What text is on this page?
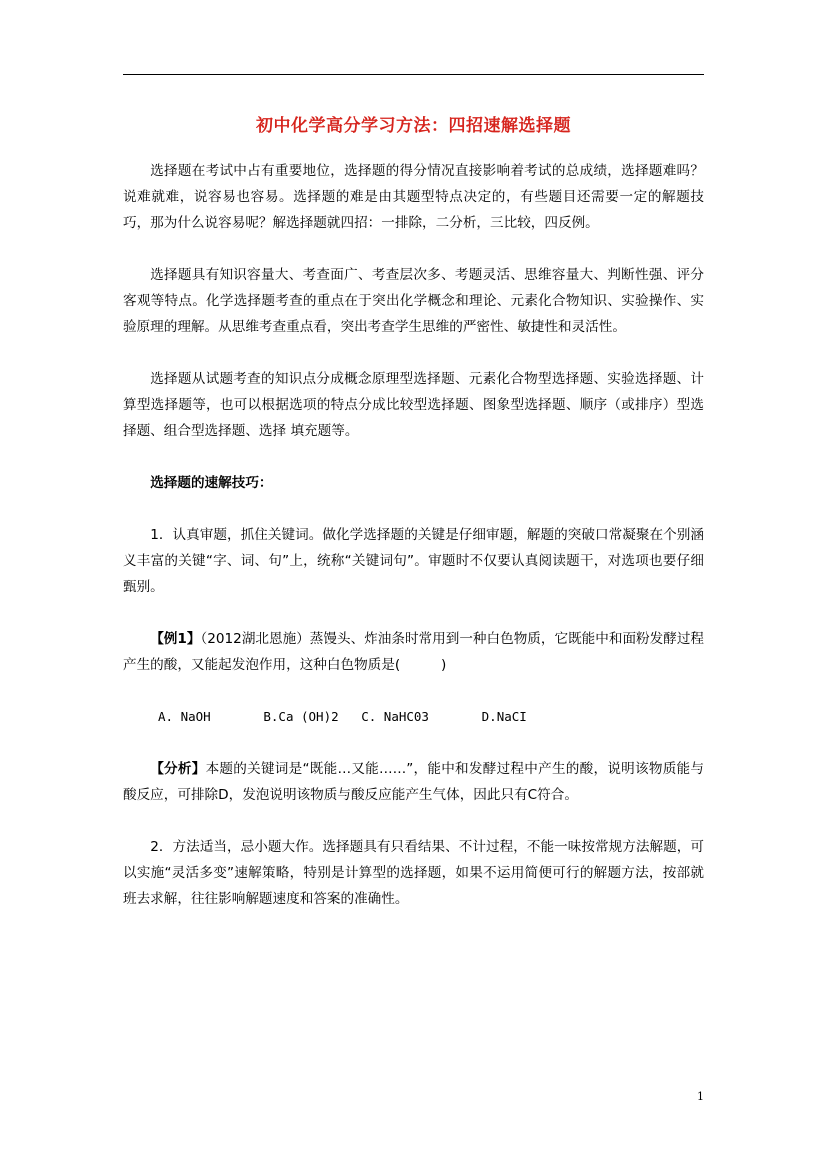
初中化学高分学习方法：四招速解选择题

选择题在考试中占有重要地位，选择题的得分情况直接影响着考试的总成绩，选择题难吗？说难就难，说容易也容易。选择题的难是由其题型特点决定的，有些题目还需要一定的解题技巧，那为什么说容易呢？解选择题就四招：一排除，二分析，三比较，四反例。

选择题具有知识容量大、考查面广、考查层次多、考题灵活、思维容量大、判断性强、评分客观等特点。化学选择题考查的重点在于突出化学概念和理论、元素化合物知识、实验操作、实验原理的理解。从思维考查重点看，突出考查学生思维的严密性、敏捷性和灵活性。

选择题从试题考查的知识点分成概念原理型选择题、元素化合物型选择题、实验选择题、计算型选择题等，也可以根据选项的特点分成比较型选择题、图象型选择题、顺序（或排序）型选择题、组合型选择题、选择 填充题等。

选择题的速解技巧：

1．认真审题，抓住关键词。做化学选择题的关键是仔细审题，解题的突破口常凝聚在个别涵义丰富的关键“字、词、句”上，统称“关键词句”。审题时不仅要认真阅读题干，对选项也要仔细甄别。

【例1】（2012湖北恩施）蒸馒头、炸油条时常用到一种白色物质，它既能中和面粉发酵过程产生的酸，又能起发泡作用，这种白色物质是(　　　)

A. NaOH	B.Ca (OH)2 C. NaHC03	D.NaCI

【分析】本题的关键词是“既能…又能……”，能中和发酵过程中产生的酸，说明该物质能与酸反应，可排除D，发泡说明该物质与酸反应能产生气体，因此只有C符合。

2．方法适当，忌小题大作。选择题具有只看结果、不计过程，不能一味按常规方法解题，可以实施“灵活多变”速解策略，特别是计算型的选择题，如果不运用简便可行的解题方法，按部就班去求解，往往影响解题速度和答案的准确性。

1
